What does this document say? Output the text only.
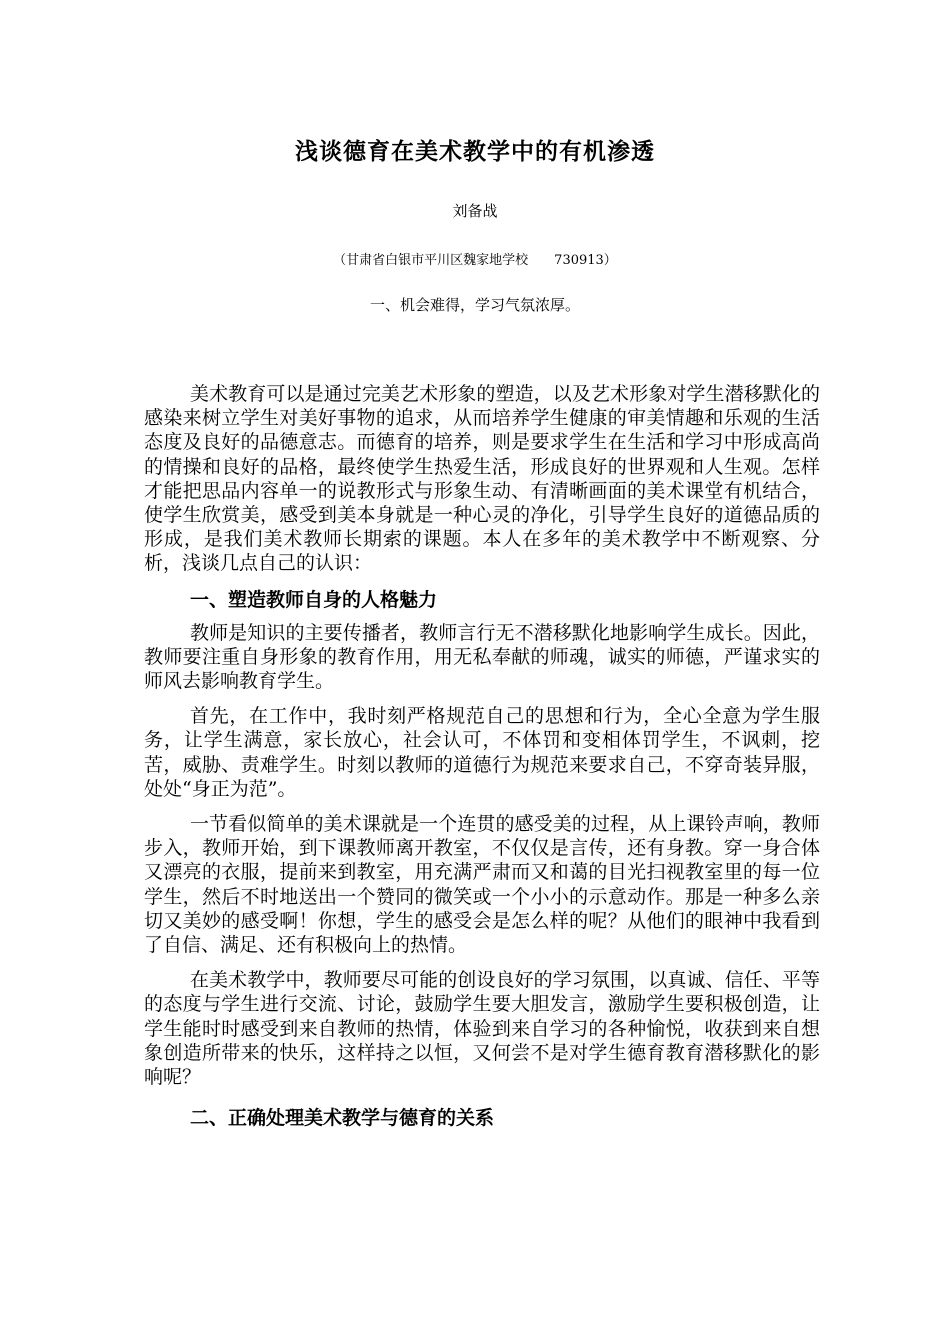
浅谈德育在美术教学中的有机渗透

刘备战

（甘肃省白银市平川区魏家地学校　　730913）

一、机会难得，学习气氛浓厚。

美术教育可以是通过完美艺术形象的塑造，以及艺术形象对学生潜移默化的感染来树立学生对美好事物的追求，从而培养学生健康的审美情趣和乐观的生活态度及良好的品德意志。而德育的培养，则是要求学生在生活和学习中形成高尚的情操和良好的品格，最终使学生热爱生活，形成良好的世界观和人生观。怎样才能把思品内容单一的说教形式与形象生动、有清晰画面的美术课堂有机结合，使学生欣赏美，感受到美本身就是一种心灵的净化，引导学生良好的道德品质的形成，是我们美术教师长期索的课题。本人在多年的美术教学中不断观察、分析，浅谈几点自己的认识：

一、塑造教师自身的人格魅力

教师是知识的主要传播者，教师言行无不潜移默化地影响学生成长。因此，教师要注重自身形象的教育作用，用无私奉献的师魂，诚实的师德，严谨求实的师风去影响教育学生。

首先，在工作中，我时刻严格规范自己的思想和行为，全心全意为学生服务，让学生满意，家长放心，社会认可，不体罚和变相体罚学生，不讽刺，挖苦，威胁、责难学生。时刻以教师的道德行为规范来要求自己，不穿奇装异服，处处“身正为范”。

一节看似简单的美术课就是一个连贯的感受美的过程，从上课铃声响，教师步入，教师开始，到下课教师离开教室，不仅仅是言传，还有身教。穿一身合体又漂亮的衣服，提前来到教室，用充满严肃而又和蔼的目光扫视教室里的每一位学生，然后不时地送出一个赞同的微笑或一个小小的示意动作。那是一种多么亲切又美妙的感受啊！你想，学生的感受会是怎么样的呢？从他们的眼神中我看到了自信、满足、还有积极向上的热情。

在美术教学中，教师要尽可能的创设良好的学习氛围，以真诚、信任、平等的态度与学生进行交流、讨论，鼓励学生要大胆发言，激励学生要积极创造，让学生能时时感受到来自教师的热情，体验到来自学习的各种愉悦，收获到来自想象创造所带来的快乐，这样持之以恒，又何尝不是对学生德育教育潜移默化的影响呢？

二、正确处理美术教学与德育的关系
